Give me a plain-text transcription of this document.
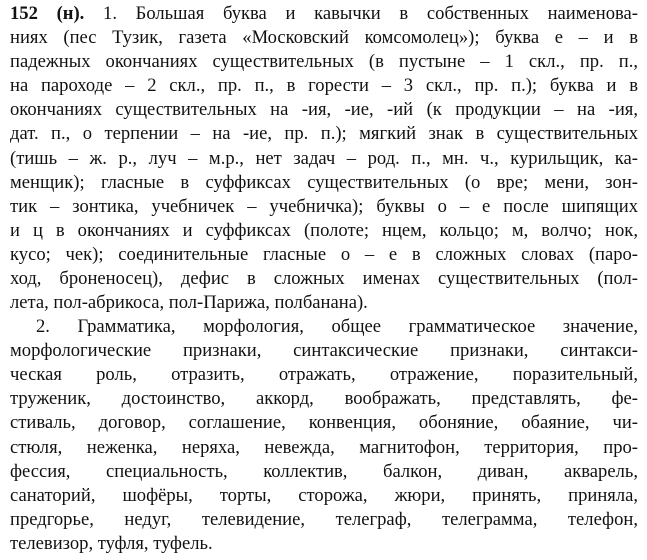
152 (н). 1. Большая буква и кавычки в собственных наименова-
ниях (пес Тузик, газета «Московский комсомолец»); буква е – и в
падежных окончаниях существительных (в пустыне – 1 скл., пр. п.,
на пароходе – 2 скл., пр. п., в горести – 3 скл., пр. п.); буква и в
окончаниях существительных на -ия, -ие, -ий (к продукции – на -ия,
дат. п., о терпении – на -ие, пр. п.); мягкий знак в существительных
(тишь – ж. р., луч – м.р., нет задач – род. п., мн. ч., курильщик, ка-
менщик); гласные в суффиксах существительных (о вре; мени, зон-
тик – зонтика, учебничек – учебничка); буквы о – е после шипящих
и ц в окончаниях и суффиксах (полоте; нцем, кольцо; м, волчо; нок,
кусо; чек); соединительные гласные о – е в сложных словах (паро-
ход, броненосец), дефис в сложных именах существительных (пол-
лета, пол-абрикоса, пол-Парижа, полбанана).
2. Грамматика, морфология, общее грамматическое значение,
морфологические признаки, синтаксические признаки, синтакси-
ческая роль, отразить, отражать, отражение, поразительный,
труженик, достоинство, аккорд, воображать, представлять, фе-
стиваль, договор, соглашение, конвенция, обоняние, обаяние, чи-
стюля, неженка, неряха, невежда, магнитофон, территория, про-
фессия, специальность, коллектив, балкон, диван, акварель,
санаторий, шофёры, торты, сторожа, жюри, принять, приняла,
предгорье, недуг, телевидение, телеграф, телеграмма, телефон,
телевизор, туфля, туфель.
